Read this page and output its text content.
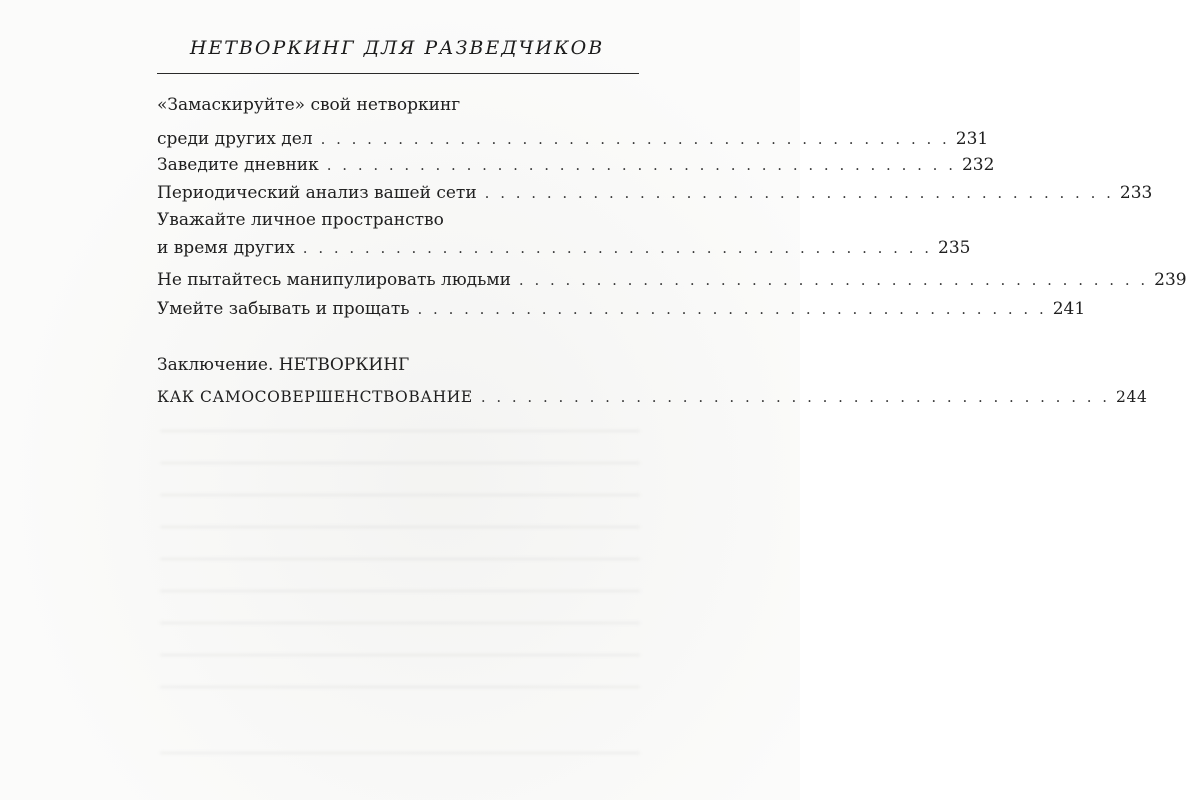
НЕТВОРКИНГ ДЛЯ РАЗВЕДЧИКОВ
«Замаскируйте» свой нетворкинг
среди других дел . . . . . . . . . . . . . . . . . . . . . . . . . . . . . . . . . . . . . . . . . 231
Заведите дневник . . . . . . . . . . . . . . . . . . . . . . . . . . . . . . . . . . . . . . . . . 232
Периодический анализ вашей сети . . . . . . . . . . . . . . . . . . . . . . . . . . . . . . . . . . . . . . . . . 233
Уважайте личное пространство
и время других . . . . . . . . . . . . . . . . . . . . . . . . . . . . . . . . . . . . . . . . . 235
Не пытайтесь манипулировать людьми . . . . . . . . . . . . . . . . . . . . . . . . . . . . . . . . . . . . . . . . . 239
Умейте забывать и прощать . . . . . . . . . . . . . . . . . . . . . . . . . . . . . . . . . . . . . . . . . 241
Заключение. НЕТВОРКИНГ
КАК САМОСОВЕРШЕНСТВОВАНИЕ . . . . . . . . . . . . . . . . . . . . . . . . . . . . . . . . . . . . . . . . . 244
